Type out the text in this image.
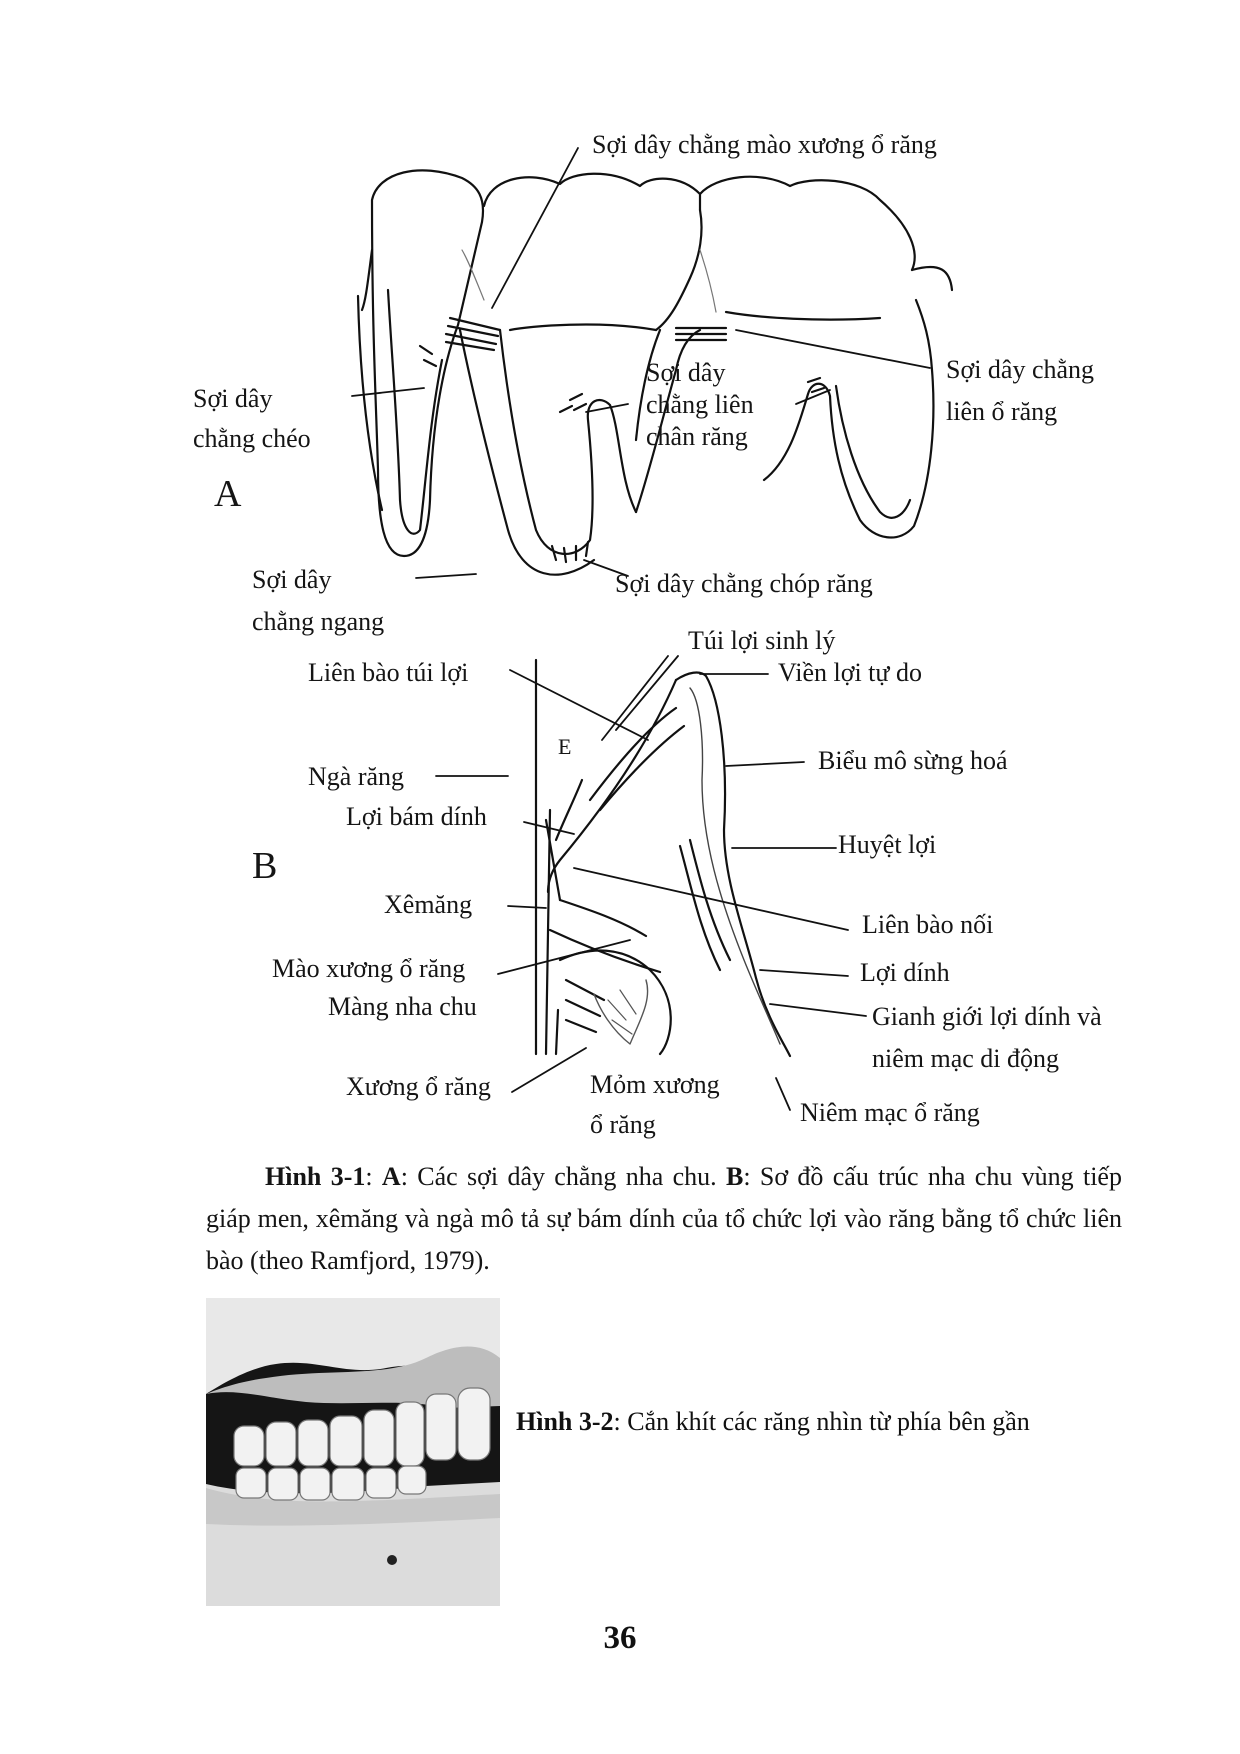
Sợi dây chằng mào xương ổ răng
Sợi dây
chằng chéo
A
Sợi dây
chằng liên
chân răng
Sợi dây chằng
liên ổ răng
Sợi dây
chằng ngang
Sợi dây chằng chóp răng
Túi lợi sinh lý
Liên bào túi lợi	Viền lợi tự do
E	Biểu mô sừng hoá
Ngà răng
Lợi bám dính
Huyệt lợi
B
Xêmăng
Liên bào nối
Mào xương ổ răng	Lợi dính
Màng nha chu	Gianh giới lợi dính và
niêm mạc di động
Xương ổ răng	Mỏm xương
ổ răng	Niêm mạc ổ răng
Hình 3-1: A: Các sợi dây chằng nha chu. B: Sơ đồ cấu trúc nha chu vùng tiếp giáp men, xêmăng và ngà mô tả sự bám dính của tổ chức lợi vào răng bằng tổ chức liên bào (theo Ramfjord, 1979).
Hình 3-2: Cắn khít các răng nhìn từ phía bên gần
36
